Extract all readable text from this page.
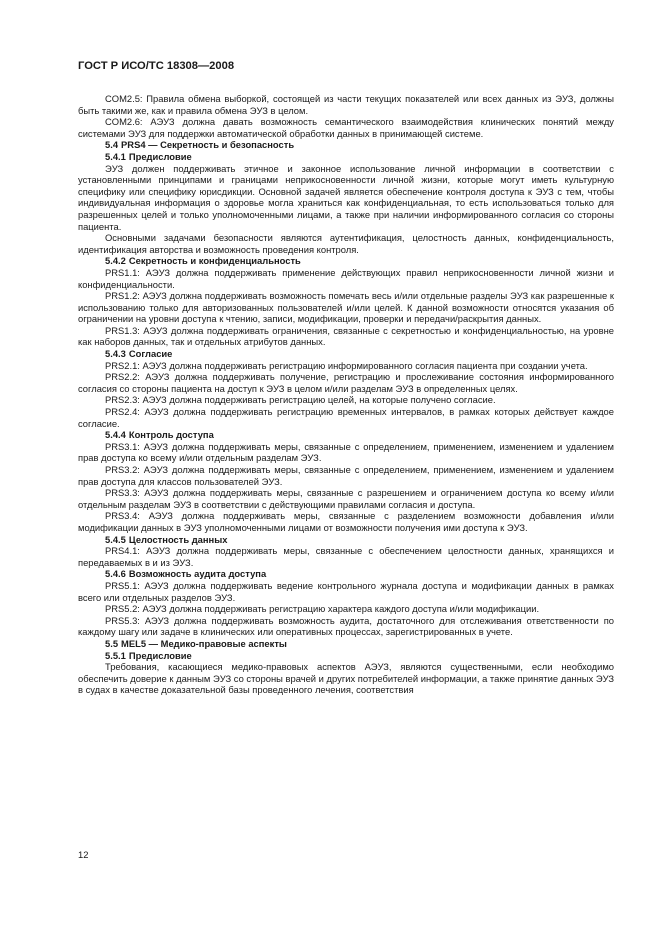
ГОСТ Р ИСО/ТС 18308—2008

COM2.5: Правила обмена выборкой, состоящей из части текущих показателей или всех данных из ЭУЗ, должны быть такими же, как и правила обмена ЭУЗ в целом.

COM2.6: АЭУЗ должна давать возможность семантического взаимодействия клинических понятий между системами ЭУЗ для поддержки автоматической обработки данных в принимающей системе.

5.4 PRS4 — Секретность и безопасность

5.4.1 Предисловие

ЭУЗ должен поддерживать этичное и законное использование личной информации в соответствии с установленными принципами и границами неприкосновенности личной жизни, которые могут иметь культурную специфику или специфику юрисдикции. Основной задачей является обеспечение контроля доступа к ЭУЗ с тем, чтобы индивидуальная информация о здоровье могла храниться как конфиденциальная, то есть использоваться только для разрешенных целей и только уполномоченными лицами, а также при наличии информированного согласия со стороны пациента.

Основными задачами безопасности являются аутентификация, целостность данных, конфиденциальность, идентификация авторства и возможность проведения контроля.

5.4.2 Секретность и конфиденциальность

PRS1.1: АЭУЗ должна поддерживать применение действующих правил неприкосновенности личной жизни и конфиденциальности.

PRS1.2: АЭУЗ должна поддерживать возможность помечать весь и/или отдельные разделы ЭУЗ как разрешенные к использованию только для авторизованных пользователей и/или целей. К данной возможности относятся указания об ограничении на уровни доступа к чтению, записи, модификации, проверки и передачи/раскрытия данных.

PRS1.3: АЭУЗ должна поддерживать ограничения, связанные с секретностью и конфиденциальностью, на уровне как наборов данных, так и отдельных атрибутов данных.

5.4.3 Согласие

PRS2.1: АЭУЗ должна поддерживать регистрацию информированного согласия пациента при создании учета.

PRS2.2: АЭУЗ должна поддерживать получение, регистрацию и прослеживание состояния информированного согласия со стороны пациента на доступ к ЭУЗ в целом и/или разделам ЭУЗ в определенных целях.

PRS2.3: АЭУЗ должна поддерживать регистрацию целей, на которые получено согласие.

PRS2.4: АЭУЗ должна поддерживать регистрацию временных интервалов, в рамках которых действует каждое согласие.

5.4.4 Контроль доступа

PRS3.1: АЭУЗ должна поддерживать меры, связанные с определением, применением, изменением и удалением прав доступа ко всему и/или отдельным разделам ЭУЗ.

PRS3.2: АЭУЗ должна поддерживать меры, связанные с определением, применением, изменением и удалением прав доступа для классов пользователей ЭУЗ.

PRS3.3: АЭУЗ должна поддерживать меры, связанные с разрешением и ограничением доступа ко всему и/или отдельным разделам ЭУЗ в соответствии с действующими правилами согласия и доступа.

PRS3.4: АЭУЗ должна поддерживать меры, связанные с разделением возможности добавления и/или модификации данных в ЭУЗ уполномоченными лицами от возможности получения ими доступа к ЭУЗ.

5.4.5 Целостность данных

PRS4.1: АЭУЗ должна поддерживать меры, связанные с обеспечением целостности данных, хранящихся и передаваемых в и из ЭУЗ.

5.4.6 Возможность аудита доступа

PRS5.1: АЭУЗ должна поддерживать ведение контрольного журнала доступа и модификации данных в рамках всего или отдельных разделов ЭУЗ.

PRS5.2: АЭУЗ должна поддерживать регистрацию характера каждого доступа и/или модификации.

PRS5.3: АЭУЗ должна поддерживать возможность аудита, достаточного для отслеживания ответственности по каждому шагу или задаче в клинических или оперативных процессах, зарегистрированных в учете.

5.5 MEL5 — Медико-правовые аспекты

5.5.1 Предисловие

Требования, касающиеся медико-правовых аспектов АЭУЗ, являются существенными, если необходимо обеспечить доверие к данным ЭУЗ со стороны врачей и других потребителей информации, а также принятие данных ЭУЗ в судах в качестве доказательной базы проведенного лечения, соответствия

12
